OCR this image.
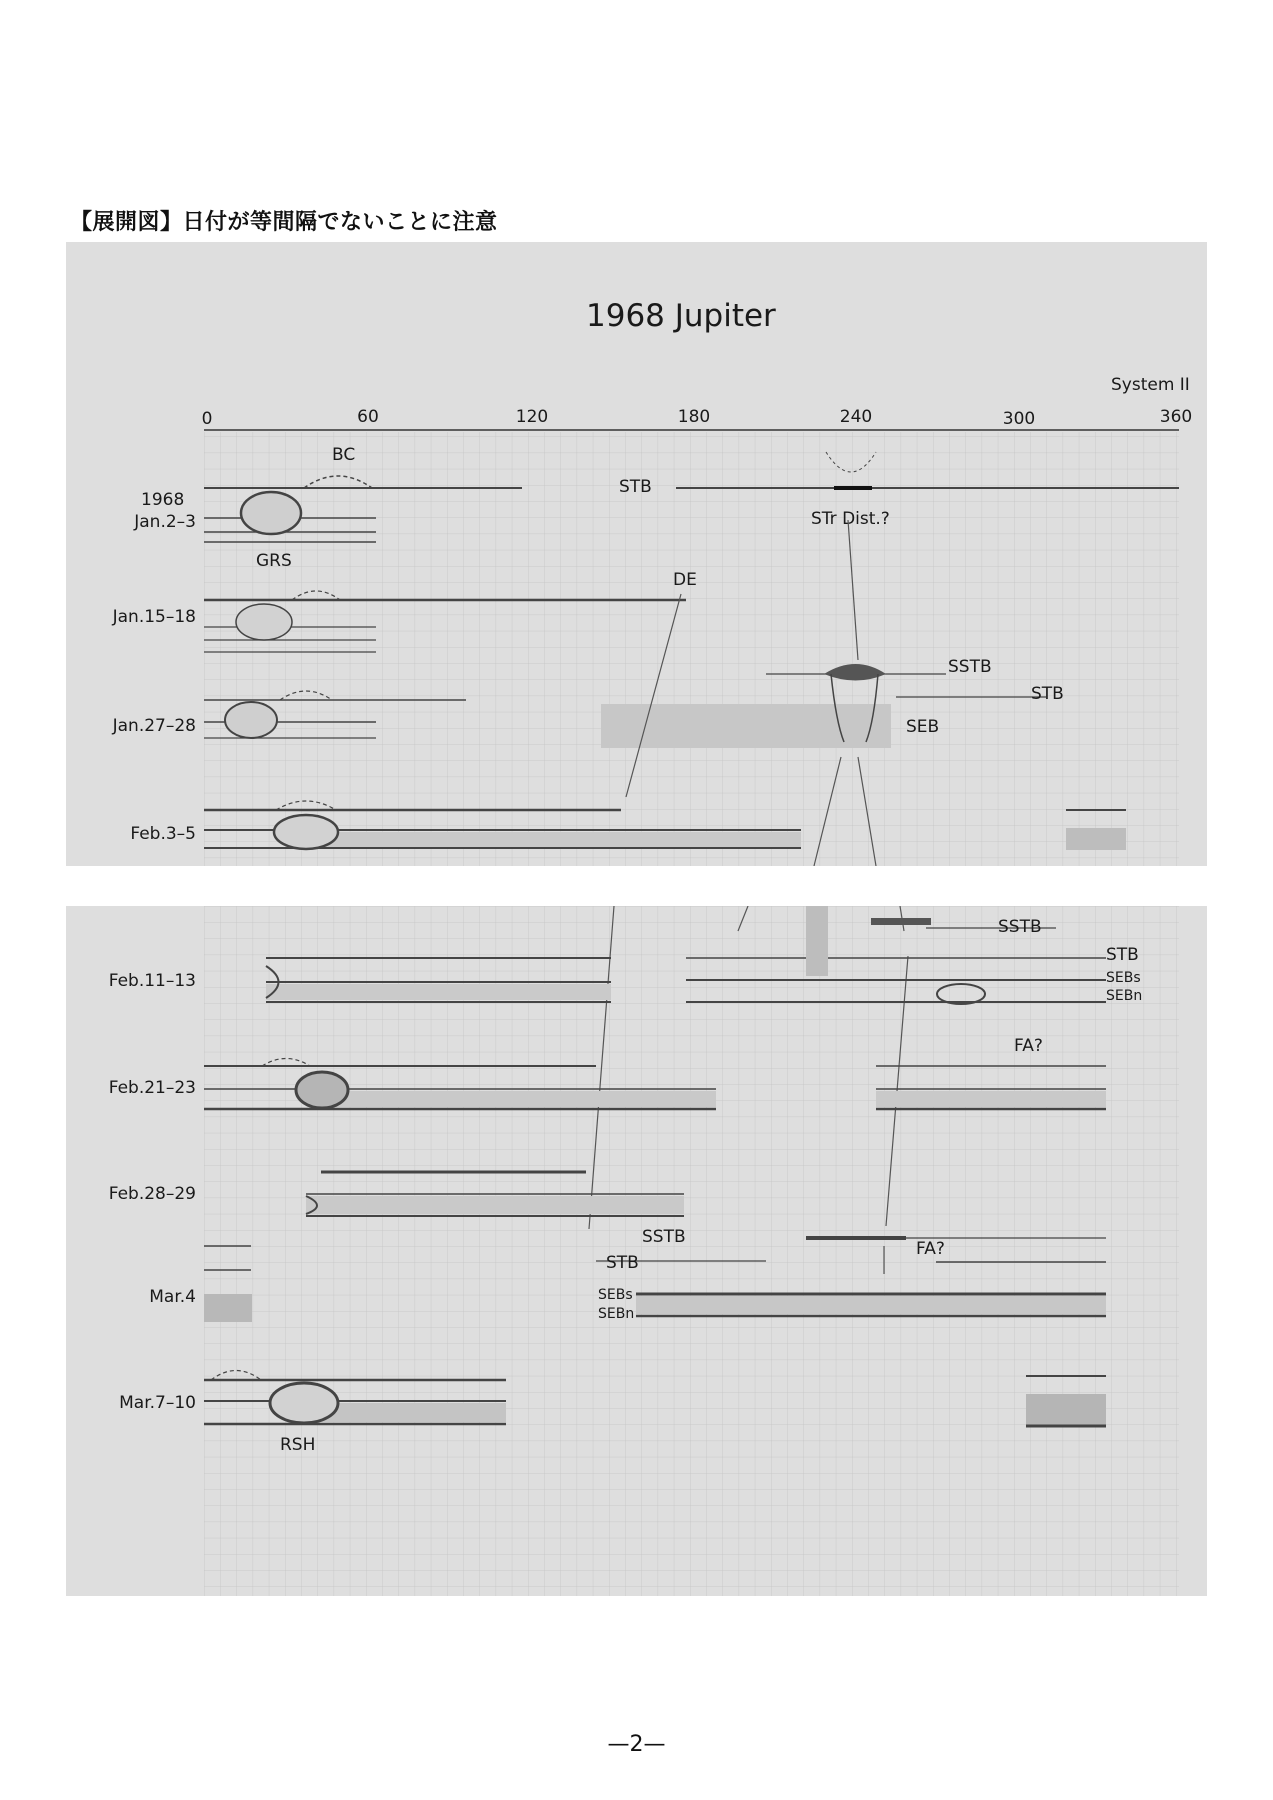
【展開図】日付が等間隔でないことに注意
1968 Jupiter
System II
0	60	120	180	240	300	360
1968
Jan.2–3
Jan.15–18
Jan.27–28
Feb.3–5
BC
STB
STr Dist.?
GRS
DE
SSTB
STB
SEB
Feb.11–13
Feb.21–23
Feb.28–29
Mar.4
Mar.7–10
SSTB
STB
SEBs
SEBn
FA?
SSTB
STB
FA?
SEBs
SEBn
RSH
—2—
